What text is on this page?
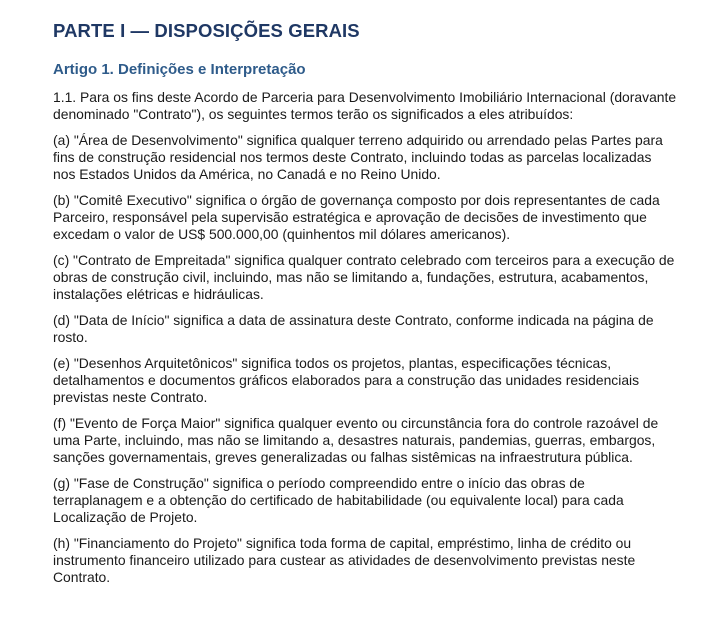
PARTE I — DISPOSIÇÕES GERAIS
Artigo 1. Definições e Interpretação

1.1. Para os fins deste Acordo de Parceria para Desenvolvimento Imobiliário Internacional (doravante denominado "Contrato"), os seguintes termos terão os significados a eles atribuídos:

(a) "Área de Desenvolvimento" significa qualquer terreno adquirido ou arrendado pelas Partes para fins de construção residencial nos termos deste Contrato, incluindo todas as parcelas localizadas nos Estados Unidos da América, no Canadá e no Reino Unido.

(b) "Comitê Executivo" significa o órgão de governança composto por dois representantes de cada Parceiro, responsável pela supervisão estratégica e aprovação de decisões de investimento que excedam o valor de US$ 500.000,00 (quinhentos mil dólares americanos).

(c) "Contrato de Empreitada" significa qualquer contrato celebrado com terceiros para a execução de obras de construção civil, incluindo, mas não se limitando a, fundações, estrutura, acabamentos, instalações elétricas e hidráulicas.

(d) "Data de Início" significa a data de assinatura deste Contrato, conforme indicada na página de rosto.

(e) "Desenhos Arquitetônicos" significa todos os projetos, plantas, especificações técnicas, detalhamentos e documentos gráficos elaborados para a construção das unidades residenciais previstas neste Contrato.

(f) "Evento de Força Maior" significa qualquer evento ou circunstância fora do controle razoável de uma Parte, incluindo, mas não se limitando a, desastres naturais, pandemias, guerras, embargos, sanções governamentais, greves generalizadas ou falhas sistêmicas na infraestrutura pública.

(g) "Fase de Construção" significa o período compreendido entre o início das obras de terraplanagem e a obtenção do certificado de habitabilidade (ou equivalente local) para cada Localização de Projeto.

(h) "Financiamento do Projeto" significa toda forma de capital, empréstimo, linha de crédito ou instrumento financeiro utilizado para custear as atividades de desenvolvimento previstas neste Contrato.
